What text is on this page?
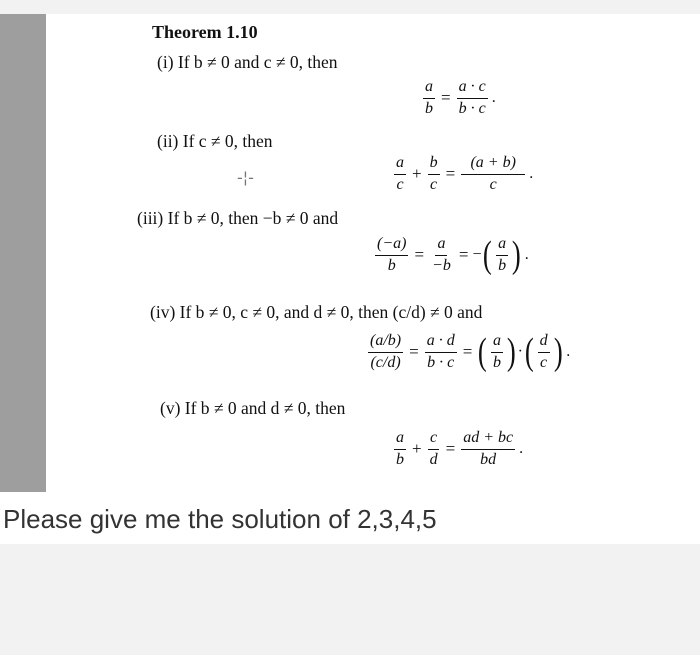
Theorem 1.10
(i) If b ≠ 0 and c ≠ 0, then
$\frac{a}{b} = \frac{a \cdot c}{b \cdot c}$ .
(ii) If c ≠ 0, then
-¦-	$\frac{a}{c} + \frac{b}{c} = \frac{(a + b)}{c}$ .
(iii) If b ≠ 0, then −b ≠ 0 and
$\frac{(-a)}{b} = \frac{a}{-b}$ = − ( $\frac{a}{b}$ ) .
(iv) If b ≠ 0, c ≠ 0, and d ≠ 0, then (c/d) ≠ 0 and
$\frac{(a/b)}{(c/d)} = \frac{a \cdot d}{b \cdot c}$ = ( $\frac{a}{b}$ ) · ( $\frac{d}{c}$ ) .
(v) If b ≠ 0 and d ≠ 0, then
$\frac{a}{b} + \frac{c}{d} = \frac{ad + bc}{bd}$ .
Please give me the solution of 2,3,4,5
